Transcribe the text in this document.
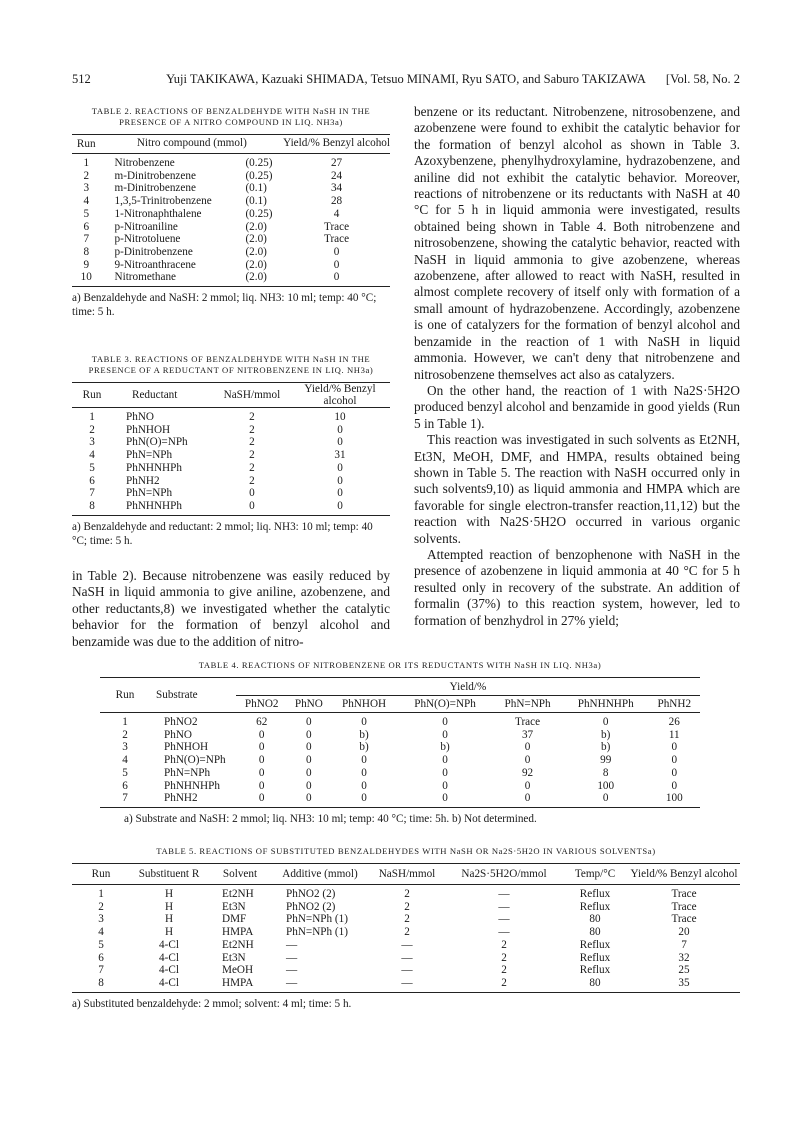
512	Yuji TAKIKAWA, Kazuaki SHIMADA, Tetsuo MINAMI, Ryu SATO, and Saburo TAKIZAWA	[Vol. 58, No. 2
TABLE 2. REACTIONS OF BENZALDEHYDE WITH NaSH IN THE PRESENCE OF A NITRO COMPOUND IN LIQ. NH3a)
Run	Nitro compound (mmol)		Yield/% Benzyl alcohol

1	Nitrobenzene	(0.25)	27
2	m-Dinitrobenzene	(0.25)	24
3	m-Dinitrobenzene	(0.1)	34
4	1,3,5-Trinitrobenzene	(0.1)	28
5	1-Nitronaphthalene	(0.25)	4
6	p-Nitroaniline	(2.0)	Trace
7	p-Nitrotoluene	(2.0)	Trace
8	p-Dinitrobenzene	(2.0)	0
9	9-Nitroanthracene	(2.0)	0
10	Nitromethane	(2.0)	0
a) Benzaldehyde and NaSH: 2 mmol; liq. NH3: 10 ml; temp: 40 °C; time: 5 h.
TABLE 3. REACTIONS OF BENZALDEHYDE WITH NaSH IN THE PRESENCE OF A REDUCTANT OF NITROBENZENE IN LIQ. NH3a)
Run	Reductant	NaSH/mmol	Yield/% Benzyl alcohol
1	PhNO	2	10
2	PhNHOH	2	0
3	PhN(O)=NPh	2	0
4	PhN=NPh	2	31
5	PhNHNHPh	2	0
6	PhNH2	2	0
7	PhN=NPh	0	0
8	PhNHNHPh	0	0
a) Benzaldehyde and reductant: 2 mmol; liq. NH3: 10 ml; temp: 40 °C; time: 5 h.

in Table 2). Because nitrobenzene was easily reduced by NaSH in liquid ammonia to give aniline, azobenzene, and other reductants,8) we investigated whether the catalytic behavior for the formation of benzyl alcohol and benzamide was due to the addition of nitro-

benzene or its reductant. Nitrobenzene, nitrosobenzene, and azobenzene were found to exhibit the catalytic behavior for the formation of benzyl alcohol as shown in Table 3. Azoxybenzene, phenylhydroxylamine, hydrazobenzene, and aniline did not exhibit the catalytic behavior. Moreover, reactions of nitrobenzene or its reductants with NaSH at 40 °C for 5 h in liquid ammonia were investigated, results obtained being shown in Table 4. Both nitrobenzene and nitrosobenzene, showing the catalytic behavior, reacted with NaSH in liquid ammonia to give azobenzene, whereas azobenzene, after allowed to react with NaSH, resulted in almost complete recovery of itself only with formation of a small amount of hydrazobenzene. Accordingly, azobenzene is one of catalyzers for the formation of benzyl alcohol and benzamide in the reaction of 1 with NaSH in liquid ammonia. However, we can't deny that nitrobenzene and nitrosobenzene themselves act also as catalyzers.

On the other hand, the reaction of 1 with Na2S·5H2O produced benzyl alcohol and benzamide in good yields (Run 5 in Table 1).

This reaction was investigated in such solvents as Et2NH, Et3N, MeOH, DMF, and HMPA, results obtained being shown in Table 5. The reaction with NaSH occurred only in such solvents9,10) as liquid ammonia and HMPA which are favorable for single electron-transfer reaction,11,12) but the reaction with Na2S·5H2O occurred in various organic solvents.

Attempted reaction of benzophenone with NaSH in the presence of azobenzene in liquid ammonia at 40 °C for 5 h resulted only in recovery of the substrate. An addition of formalin (37%) to this reaction system, however, led to formation of benzhydrol in 27% yield;

TABLE 4. REACTIONS OF NITROBENZENE OR ITS REDUCTANTS WITH NaSH IN LIQ. NH3a)
Run	Substrate	Yield/%						
		PhNO2	PhNO	PhNHOH	PhN(O)=NPh	PhN=NPh	PhNHNHPh	PhNH2
1	PhNO2	62	0	0	0	Trace	0	26
2	PhNO	0	0	b)	0	37	b)	11
3	PhNHOH	0	0	b)	b)	0	b)	0
4	PhN(O)=NPh	0	0	0	0	0	99	0
5	PhN=NPh	0	0	0	0	92	8	0
6	PhNHNHPh	0	0	0	0	0	100	0
7	PhNH2	0	0	0	0	0	0	100
a) Substrate and NaSH: 2 mmol; liq. NH3: 10 ml; temp: 40 °C; time: 5h. b) Not determined.
TABLE 5. REACTIONS OF SUBSTITUTED BENZALDEHYDES WITH NaSH OR Na2S·5H2O IN VARIOUS SOLVENTSa)
Run	Substituent R	Solvent	Additive (mmol)	NaSH/mmol	Na2S·5H2O/mmol	Temp/°C	Yield/% Benzyl alcohol
1	H	Et2NH	PhNO2 (2)	2	—	Reflux	Trace
2	H	Et3N	PhNO2 (2)	2	—	Reflux	Trace
3	H	DMF	PhN=NPh (1)	2	—	80	Trace
4	H	HMPA	PhN=NPh (1)	2	—	80	20
5	4-Cl	Et2NH	—	—	2	Reflux	7
6	4-Cl	Et3N	—	—	2	Reflux	32
7	4-Cl	MeOH	—	—	2	Reflux	25
8	4-Cl	HMPA	—	—	2	80	35
a) Substituted benzaldehyde: 2 mmol; solvent: 4 ml; time: 5 h.
